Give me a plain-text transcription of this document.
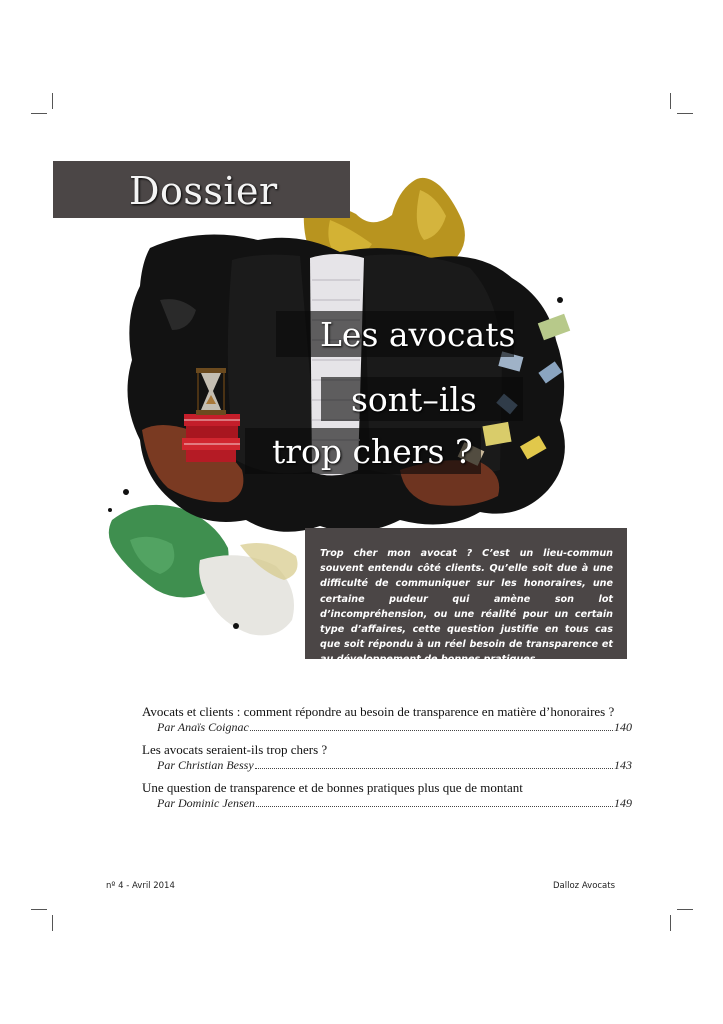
Dossier
Les avocats
sont–ils
trop chers ?

Trop cher mon avocat ? C’est un lieu-commun souvent entendu côté clients. Qu’elle soit due à une difficulté de communiquer sur les honoraires, une certaine pudeur qui amène son lot d’incompréhension, ou une réalité pour un certain type d’affaires, cette question justifie en tous cas que soit répondu à un réel besoin de transparence et au développement de bonnes pratiques.

Avocats et clients : comment répondre au besoin de transparence en matière d’honoraires ?
Par Anaïs Coignac	140
Les avocats seraient-ils trop chers ?
Par Christian Bessy	143
Une question de transparence et de bonnes pratiques plus que de montant
Par Dominic Jensen	149
nº 4 - Avril 2014	Dalloz Avocats
